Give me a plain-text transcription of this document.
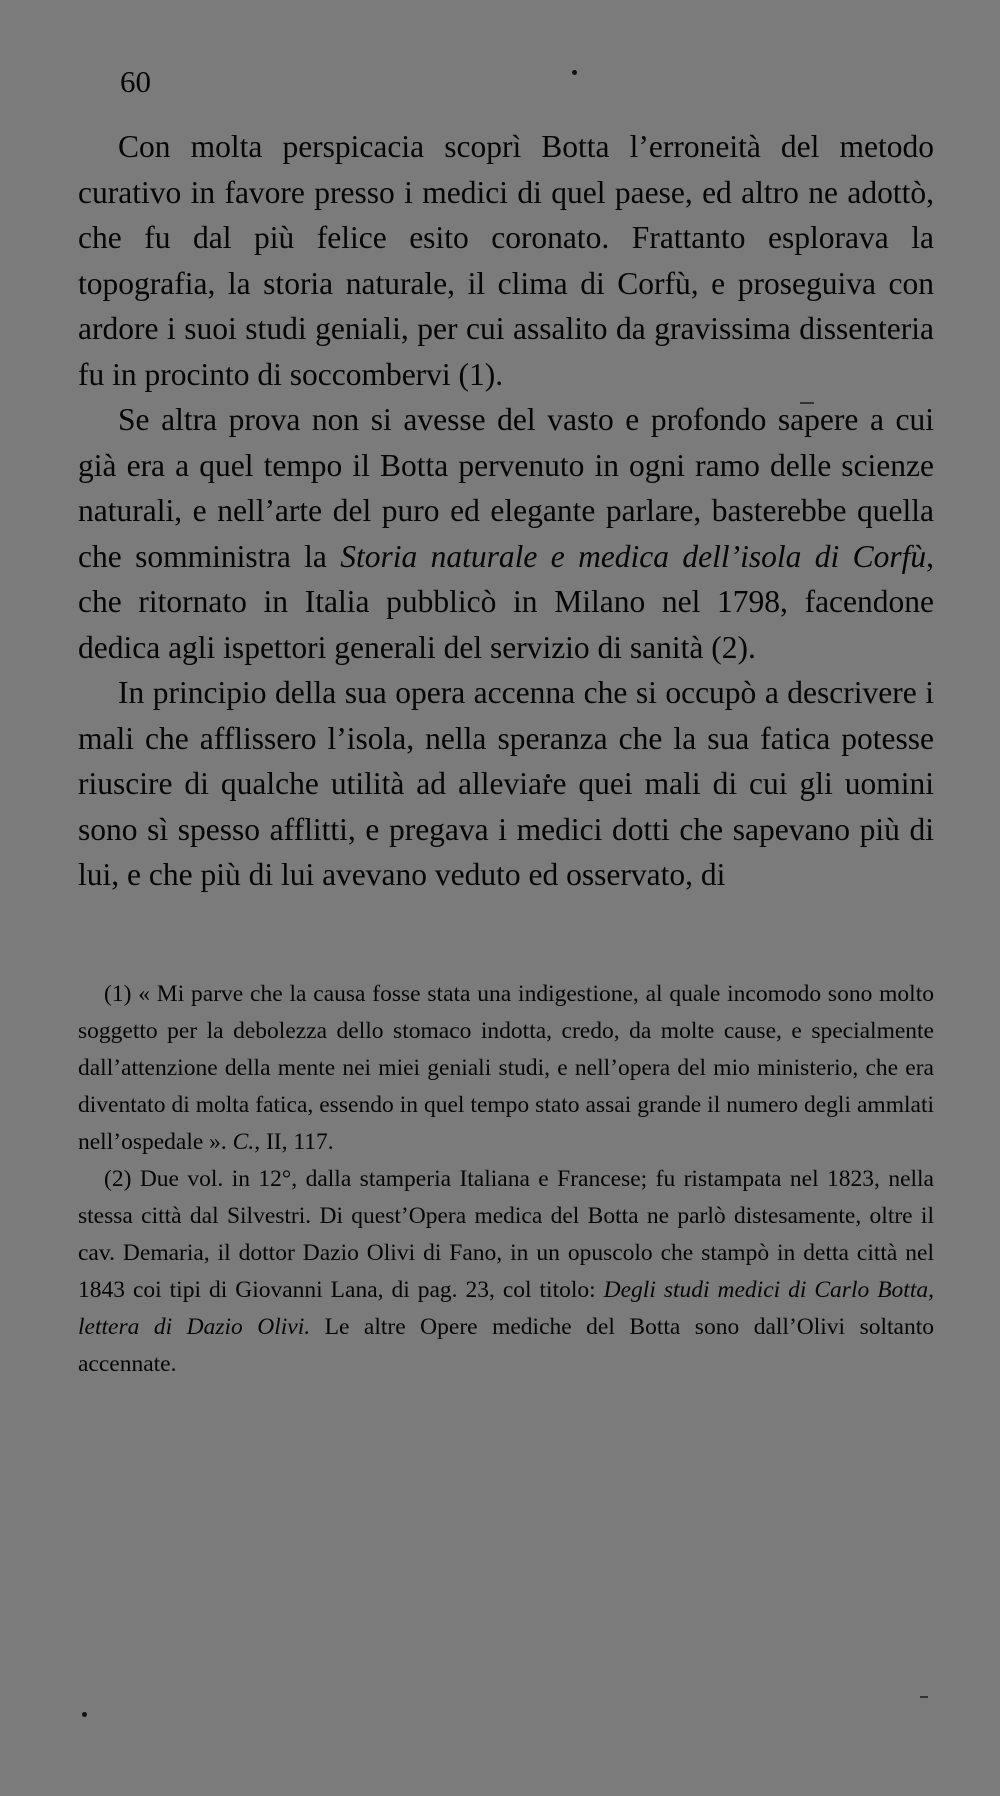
60

Con molta perspicacia scoprì Botta l’erroneità del metodo curativo in favore presso i medici di quel paese, ed altro ne adottò, che fu dal più felice esito coronato. Frattanto esplorava la topografia, la storia naturale, il clima di Corfù, e proseguiva con ardore i suoi studi geniali, per cui assalito da gravissima dissenteria fu in procinto di soccombervi (1).

Se altra prova non si avesse del vasto e profondo sapere a cui già era a quel tempo il Botta pervenuto in ogni ramo delle scienze naturali, e nell’arte del puro ed elegante parlare, basterebbe quella che somministra la Storia naturale e medica dell’isola di Corfù, che ritornato in Italia pubblicò in Milano nel 1798, facendone dedica agli ispettori generali del servizio di sanità (2).

In principio della sua opera accenna che si occupò a descrivere i mali che afflissero l’isola, nella speranza che la sua fatica potesse riuscire di qualche utilità ad alleviare quei mali di cui gli uomini sono sì spesso afflitti, e pregava i medici dotti che sapevano più di lui, e che più di lui avevano veduto ed osservato, di

(1) « Mi parve che la causa fosse stata una indigestione, al quale incomodo sono molto soggetto per la debolezza dello stomaco indotta, credo, da molte cause, e specialmente dall’attenzione della mente nei miei geniali studi, e nell’opera del mio ministerio, che era diventato di molta fatica, essendo in quel tempo stato assai grande il numero degli ammlati nell’ospedale ». C., II, 117.

(2) Due vol. in 12°, dalla stamperia Italiana e Francese; fu ristampata nel 1823, nella stessa città dal Silvestri. Di quest’Opera medica del Botta ne parlò distesamente, oltre il cav. Demaria, il dottor Dazio Olivi di Fano, in un opuscolo che stampò in detta città nel 1843 coi tipi di Giovanni Lana, di pag. 23, col titolo: Degli studi medici di Carlo Botta, lettera di Dazio Olivi. Le altre Opere mediche del Botta sono dall’Olivi soltanto accennate.
